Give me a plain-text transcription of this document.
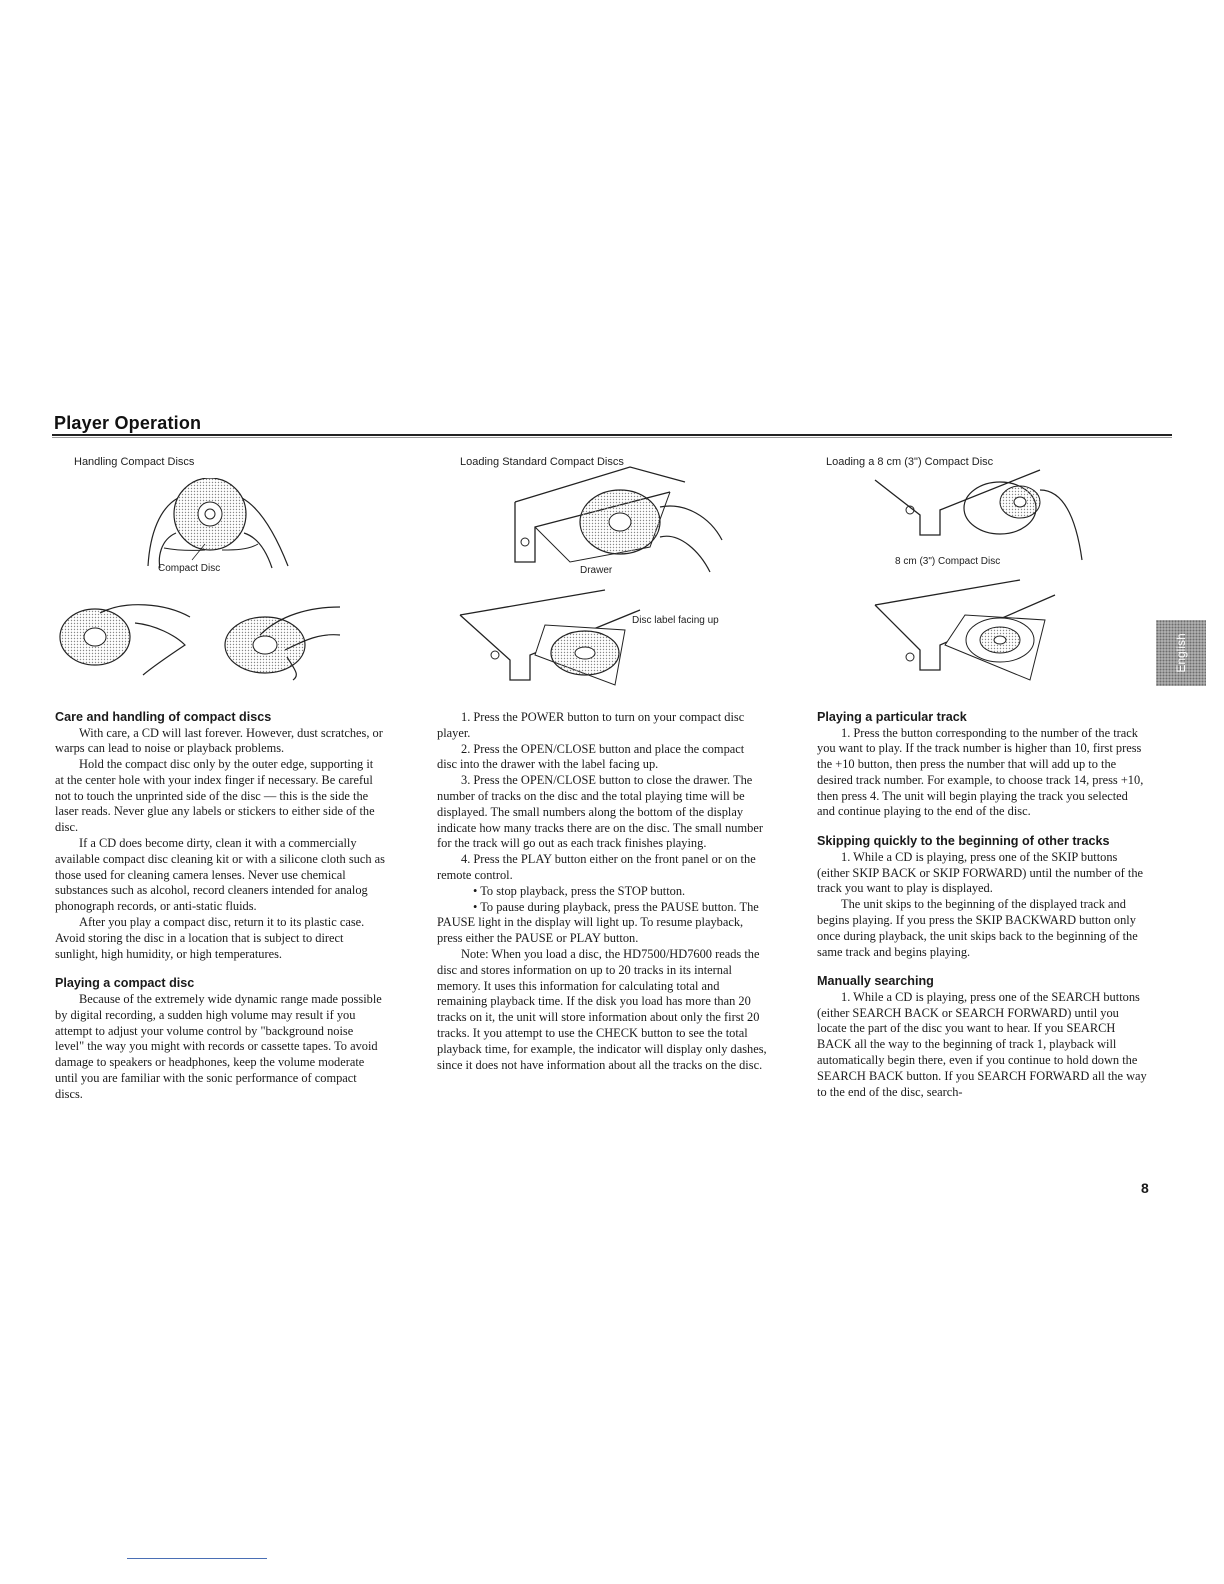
Player Operation
Handling Compact Discs
Compact Disc
Loading Standard Compact Discs
Drawer
Disc label facing up
Loading a 8 cm (3") Compact Disc
8 cm (3") Compact Disc
English

Care and handling of compact discs

With care, a CD will last forever. However, dust scratches, or warps can lead to noise or playback problems.

Hold the compact disc only by the outer edge, supporting it at the center hole with your index finger if necessary. Be careful not to touch the unprinted side of the disc — this is the side the laser reads. Never glue any labels or stickers to either side of the disc.

If a CD does become dirty, clean it with a commercially available compact disc cleaning kit or with a silicone cloth such as those used for cleaning camera lenses. Never use chemical substances such as alcohol, record cleaners intended for analog phonograph records, or anti-static fluids.

After you play a compact disc, return it to its plastic case. Avoid storing the disc in a location that is subject to direct sunlight, high humidity, or high temperatures.

Playing a compact disc

Because of the extremely wide dynamic range made possible by digital recording, a sudden high volume may result if you attempt to adjust your volume control by "background noise level" the way you might with records or cassette tapes. To avoid damage to speakers or headphones, keep the volume moderate until you are familiar with the sonic performance of compact discs.

1. Press the POWER button to turn on your compact disc player.

2. Press the OPEN/CLOSE button and place the compact disc into the drawer with the label facing up.

3. Press the OPEN/CLOSE button to close the drawer. The number of tracks on the disc and the total playing time will be displayed. The small numbers along the bottom of the display indicate how many tracks there are on the disc. The small number for the track will go out as each track finishes playing.

4. Press the PLAY button either on the front panel or on the remote control.

• To stop playback, press the STOP button.

• To pause during playback, press the PAUSE button. The PAUSE light in the display will light up. To resume playback, press either the PAUSE or PLAY button.

Note: When you load a disc, the HD7500/HD7600 reads the disc and stores information on up to 20 tracks in its internal memory. It uses this information for calculating total and remaining playback time. If the disk you load has more than 20 tracks on it, the unit will store information about only the first 20 tracks. It you attempt to use the CHECK button to see the total playback time, for example, the indicator will display only dashes, since it does not have information about all the tracks on the disc.

Playing a particular track

1. Press the button corresponding to the number of the track you want to play. If the track number is higher than 10, first press the +10 button, then press the number that will add up to the desired track number. For example, to choose track 14, press +10, then press 4. The unit will begin playing the track you selected and continue playing to the end of the disc.

Skipping quickly to the beginning of other tracks

1. While a CD is playing, press one of the SKIP buttons (either SKIP BACK or SKIP FORWARD) until the number of the track you want to play is displayed.

The unit skips to the beginning of the displayed track and begins playing. If you press the SKIP BACKWARD button only once during playback, the unit skips back to the beginning of the same track and begins playing.

Manually searching

1. While a CD is playing, press one of the SEARCH buttons (either SEARCH BACK or SEARCH FORWARD) until you locate the part of the disc you want to hear. If you SEARCH BACK all the way to the beginning of track 1, playback will automatically begin there, even if you continue to hold down the SEARCH BACK button. If you SEARCH FORWARD all the way to the end of the disc, search-

8
